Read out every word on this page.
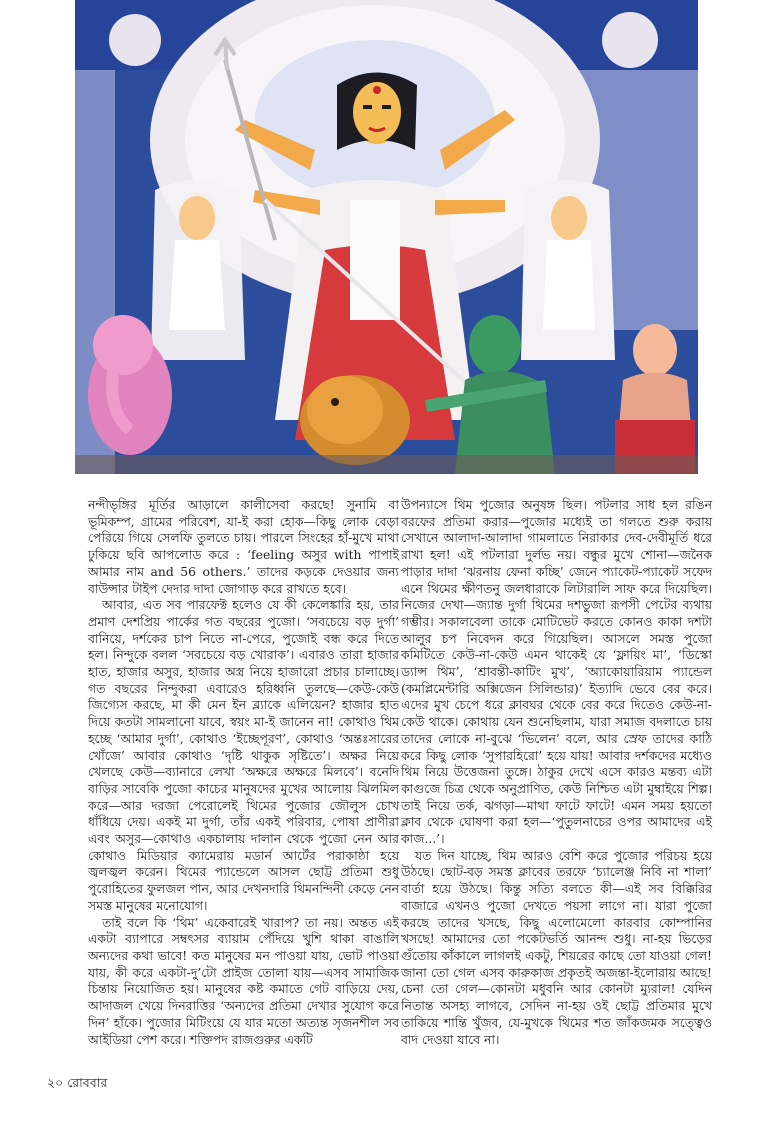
নন্দীভৃঙ্গির মূর্তির আড়ালে কালীসেবা করছে! সুনামি বা ভূমিকম্প, গ্রামের পরিবেশ, যা-ই করা হোক—কিছু লোক বেড়া পেরিয়ে গিয়ে সেলফি তুলতে চায়। পারলে সিংহের হাঁ-মুখে মাথা ঢুকিয়ে ছবি আপলোড করে : ‘feeling অসুর with পাপাই আমার নাম and 56 others.’ তাদের কড়কে দেওয়ার জন্য বাউন্সার টাইপ দেদার দাদা জোগাড় করে রাখতে হবে।

আবার, এত সব পারফেক্ট হলেও যে কী কেলেঙ্কারি হয়, তার প্রমাণ দেশপ্রিয় পার্কের গত বছরের পুজো। ‘সবচেয়ে বড় দুর্গা’ বানিয়ে, দর্শকের চাপ নিতে না-পেরে, পুজোই বন্ধ করে দিতে হল। নিন্দুকে বলল ‘সবচেয়ে বড় খোরাক’। এবারও তারা হাজার হাত, হাজার অসুর, হাজার অস্ত্র নিয়ে হাজারো প্রচার চালাচ্ছে। গত বছরের নিন্দুকরা এবারেও হরিধ্বনি তুলছে—কেউ-কেউ জিগ্যেস করছে, মা কী মেন ইন ব্ল্যাকে এলিয়েন? হাজার হাত দিয়ে কতটা সামলানো যাবে, স্বয়ং মা-ই জানেন না! কোথাও থিম হচ্ছে ‘আমার দুর্গা’, কোথাও ‘ইচ্ছেপূরণ’, কোথাও ‘অন্তঃসারের খোঁজে’ আবার কোথাও ‘দৃষ্টি থাকুক সৃষ্টিতে’। অক্ষর নিয়ে খেলছে কেউ—ব্যানারে লেখা ‘অক্ষরে অক্ষরে মিলবে’। বনেদি বাড়ির সাবেকি পুজো কাচের মানুষদের মুখের আলোয় ঝিলমিল করে—আর দরজা পেরোলেই থিমের পুজোর জৌলুস চোখ ধাঁধিয়ে দেয়। একই মা দুর্গা, তাঁর একই পরিবার, পোষা প্রাণীরা এবং অসুর—কোথাও একচালায় দালান থেকে পুজো নেন আর কোথাও মিডিয়ার ক্যামেরায় মডার্ন আর্টের পরাকাষ্ঠা হয়ে জ্বলজ্বল করেন। থিমের প্যান্ডেলে আসল ছোট্ট প্রতিমা শুধু পুরোহিতের ফুলজল পান, আর দেখনদারি থিমনন্দিনী কেড়ে নেন সমস্ত মানুষের মনোযোগ।

তাই বলে কি ‘থিম’ একেবারেই খারাপ? তা নয়। অন্তত এই একটা ব্যাপারে সম্বৎসর ব্যায়াম পেঁদিয়ে খুশি থাকা বাঙালি অন্যদের কথা ভাবে! কত মানুষের মন পাওয়া যায়, ভোট পাওয়া যায়, কী করে একটা-দু’টো প্রাইজ তোলা যায়—এসব সামাজিক চিন্তায় নিয়োজিত হয়। মানুষের কষ্ট কমাতে গেট বাড়িয়ে দেয়, আদাজল খেয়ে দিনরাত্তির ‘অন্যদের প্রতিমা দেখার সুযোগ করে দিন’ হাঁকে। পুজোর মিটিংয়ে যে যার মতো অত্যন্ত সৃজনশীল সব আইডিয়া পেশ করে। শক্তিপদ রাজগুরুর একটি

উপন্যাসে থিম পুজোর অনুষঙ্গ ছিল। পটলার সাধ হল রঙিন বরফের প্রতিমা করার—পুজোর মধ্যেই তা গলতে শুরু করায় সেখানে আলাদা-আলাদা গামলাতে নিরাকার দেব-দেবীমূর্তি ধরে রাখা হল! এই পটলারা দুর্লভ নয়। বন্ধুর মুখে শোনা—জনৈক পাড়ার দাদা ‘ঝরনায় ফেনা কচ্ছি’ জেনে প্যাকেট-প্যাকেট সফেদ এনে থিমের ক্ষীণতনু জলধারাকে লিটারালি সাফ করে দিয়েছিল। নিজের দেখা—জ্যান্ত দুর্গা থিমের দশভুজা রূপসী পেটের ব্যথায় গম্ভীর। সকালবেলা তাকে মোটিভেট করতে কোনও কাকা দশটা আলুর চপ নিবেদন করে গিয়েছিল। আসলে সমস্ত পুজো কমিটিতে কেউ-না-কেউ এমন থাকেই যে ‘ফ্লায়িং মা’, ‘ডিস্কো ড্যান্স থিম’, ‘শ্রাবন্তী-কাটিং মুখ’, ‘অ্যাকোয়ারিয়াম প্যান্ডেল (কমপ্লিমেন্টারি অক্সিজেন সিলিন্ডার)’ ইত্যাদি ভেবে বের করে। এদের মুখ চেপে ধরে ক্লাবঘর থেকে বের করে দিতেও কেউ-না-কেউ থাকে। কোথায় যেন শুনেছিলাম, যারা সমাজ বদলাতে চায় তাদের লোকে না-বুঝে ‘ভিলেন’ বলে, আর স্রেফ তাদের কাঠি করে কিছু লোক ‘সুপারহিরো’ হয়ে যায়! আবার দর্শকদের মধ্যেও থিম নিয়ে উত্তেজনা তুঙ্গে। ঠাকুর দেখে এসে কারও মন্তব্য এটা কাগুজে চিত্র থেকে অনুপ্রাণিত, কেউ নিশ্চিত এটা মুম্বাইয়ে শিল্প। তাই নিয়ে তর্ক, ঝগড়া—মাথা ফাটে ফাটে! এমন সময় হয়তো ক্লাব থেকে ঘোষণা করা হল—‘পুতুলনাচের ওপর আমাদের এই কাজ...’।

যত দিন যাচ্ছে, থিম আরও বেশি করে পুজোর পরিচয় হয়ে উঠছে। ছোট-বড় সমস্ত ক্লাবের তরফে ‘চ্যালেঞ্জ নিবি না শালা’ বার্তা হয়ে উঠছে। কিন্তু সত্যি বলতে কী—এই সব বিক্কিরির বাজারে এখনও পুজো দেখতে পয়সা লাগে না। যারা পুজো করছে তাদের খসছে, কিছু এলোমেলো কারবার কোম্পানির খসছে! আমাদের তো পকেটভর্তি আনন্দ শুধু। না-হয় ভিড়ের গুঁতোয় কাঁকালে লাগলই একটু, শিয়রের কাছে তো যাওয়া গেল! জানা তো গেল এসব কারুকাজ প্রকৃতই অজন্তা-ইলোরায় আছে! চেনা তো গেল—কোনটা মধুবনি আর কোনটা ম্যুরাল! যেদিন নিতান্ত অসহ্য লাগবে, সেদিন না-হয় ওই ছোট্ট প্রতিমার মুখে তাকিয়ে শান্তি খুঁজব, যে-মুখকে থিমের শত জাঁকজমক সত্ত্বেও বাদ দেওয়া যাবে না।

২০ রোববার
